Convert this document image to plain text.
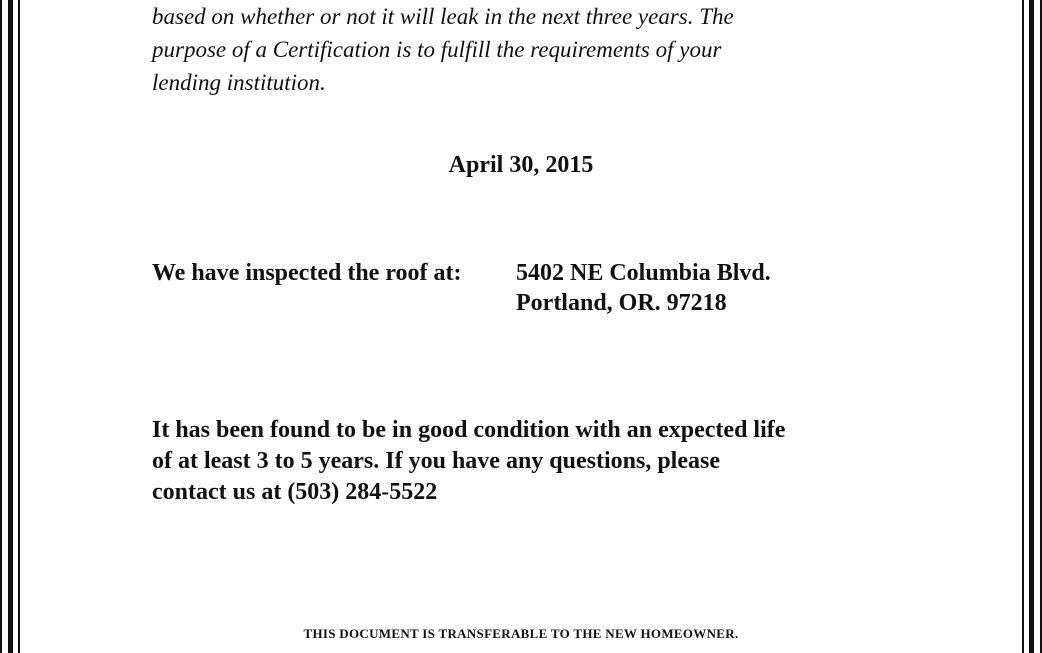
based on whether or not it will leak in the next three years. The
purpose of a Certification is to fulfill the requirements of your
lending institution.

April 30, 2015

We have inspected the roof at: 5402 NE Columbia Blvd.
Portland, OR. 97218
It has been found to be in good condition with an expected life
of at least 3 to 5 years. If you have any questions, please
contact us at (503) 284-5522

THIS DOCUMENT IS TRANSFERABLE TO THE NEW HOMEOWNER.
